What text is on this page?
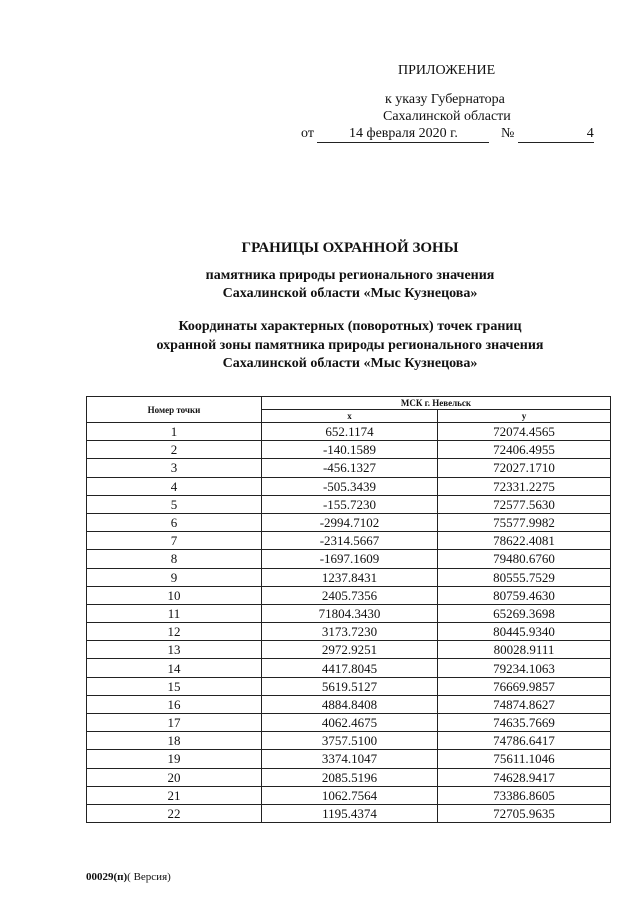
ПРИЛОЖЕНИЕ
к указу Губернатора
Сахалинской области
от	14 февраля 2020 г.	№	4
ГРАНИЦЫ ОХРАННОЙ ЗОНЫ
памятника природы регионального значения
Сахалинской области «Мыс Кузнецова»
Координаты характерных (поворотных) точек границ
охранной зоны памятника природы регионального значения
Сахалинской области «Мыс Кузнецова»
Номер точки	МСК г. Невельск	
	x	y
1	652.1174	72074.4565
2	-140.1589	72406.4955
3	-456.1327	72027.1710
4	-505.3439	72331.2275
5	-155.7230	72577.5630
6	-2994.7102	75577.9982
7	-2314.5667	78622.4081
8	-1697.1609	79480.6760
9	1237.8431	80555.7529
10	2405.7356	80759.4630
11	71804.3430	65269.3698
12	3173.7230	80445.9340
13	2972.9251	80028.9111
14	4417.8045	79234.1063
15	5619.5127	76669.9857
16	4884.8408	74874.8627
17	4062.4675	74635.7669
18	3757.5100	74786.6417
19	3374.1047	75611.1046
20	2085.5196	74628.9417
21	1062.7564	73386.8605
22	1195.4374	72705.9635
00029(п)( Версия)
